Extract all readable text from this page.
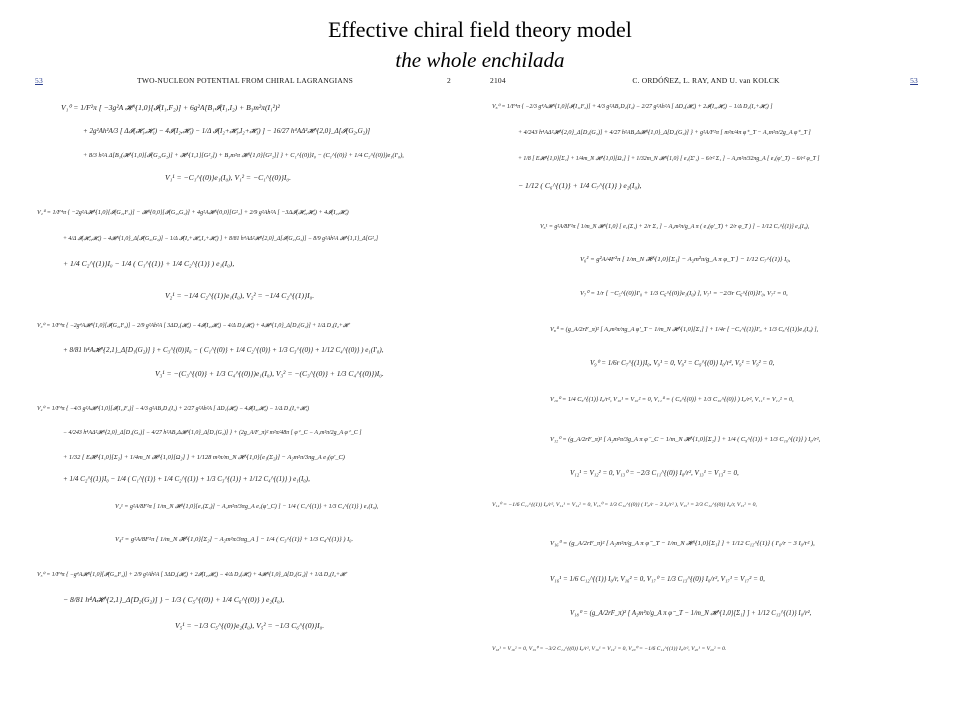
Effective chiral field theory model
the whole enchilada
53	TWO-NUCLEON POTENTIAL FROM CHIRAL LAGRANGIANS	2
V₁⁰ = 1/F²π [ −3g²A 𝓗^{1,0}[𝓘(I₁,F₂)] + 6g²A[B₁𝓘(I₁,I₂) + B₃m²π(I₁²)²
+ 2g²Ah²A/3 [ Δ𝓘(𝓗₁,𝓗₁) − 4𝓘(I₂,𝓗₁) − 1/Δ 𝓘(I₂+𝓗₁,I₂+𝓗₁) ] − 16/27 h⁴AΔ²𝓗^{2,0}_Δ[𝓘(G₂,G₂)]
+ 8/3 h²A Δ[B₁(𝓗^{1,0}[𝓘(G₂,G₂)] + 𝓗^{1,1}[G²₂]) + B₃m²π 𝓗^{1,0}[G²₂]] } + C₁^{(0)}I₀ − (C₁^{(0)} + 1/4 C₂^{(0)})e₁(I′₀),
V₁¹ = −C₁^{(0)}e₁(I₀), V₁² = −C₁^{(0)}I₀.
V₂⁰ = 1/F⁴π { −2g²A𝓗^{1,0}[𝓘(G₂,F₂)] − 𝓗^{0,0}[𝓘(G₂,G₂)] + 4g²A𝓗^{0,0}[G²₂] + 2/9 g²Ah²A [ −3Δ𝓘(𝓗₂,𝓗₂) + 4𝓘(I₂,𝓗₂)
+ 4/Δ 𝓘(𝓗₁,𝓗₁) − 4𝓗^{1,0}_Δ[𝓘(G₂,G₂)] − 1/Δ 𝓘(I₂+𝓗₁,I₂+𝓗₁) ] + 8/81 h⁴AΔ²𝓗^{2,0}_Δ[𝓘(G₂,G₂)] − 8/9 g²Ah²A 𝓗^{1,1}_Δ[G²₂]
+ 1/4 C₂^{(1)}I₀ − 1/4 ( C₁^{(1)} + 1/4 C₂^{(1)} ) e₁(I₀),
V₂¹ = −1/4 C₂^{(1)}e₁(I₀), V₂² = −1/4 C₂^{(1)}I₀.
V₃⁰ = 1/F⁴π { −2g⁴A𝓗^{1,0}[𝓘(G₂,F₂)] − 2/9 g²Ah²A [ 3ΔD₁(𝓗₂) − 4𝓘(I₂,𝓗₁) − 4/Δ D₁(𝓗₁) + 4𝓗^{1,0}_Δ[D₁(G₂)] + 1/Δ D₁(I₂+𝓗
+ 8/81 h⁴A𝓗^{2,1}_Δ[D₁(G₂)] } + C₃^{(0)}I₀ − ( C₁^{(0)} + 1/4 C₂^{(0)} + 1/3 C₃^{(0)} + 1/12 C₄^{(0)} ) e₁(I′₀),
V₃¹ = −(C₃^{(0)} + 1/3 C₄^{(0)})e₁(I₀), V₃² = −(C₃^{(0)} + 1/3 C₄^{(0)})I₀.
V₄⁰ = 1/F⁴π { −4/3 g²A𝓗^{1,0}[𝓘(I₁,F₂)] − 4/3 g²AB₂D₁(I₂) + 2/27 g²Ah²A [ ΔD₁(𝓗₂) − 4𝓘(I₂,𝓗₂) − 1/Δ D₁(I₂+𝓗₁)
− 4/243 h⁴AΔ²𝓗^{2,0}_Δ[D₁(G₂)] − 4/27 h²AB₂Δ𝓗^{1,0}_Δ[D₁(G₂)] } + (2g_A/F_π)² m²π/48π [ φ⁺_C − A₁m²π/2g_A φ⁺_C ]
+ 1/32 [ E𝓗^{1,0}[Σ₂] + 1/4m_N 𝓗^{1,0}[Ω₂] ] + 1/128 m²π/m_N 𝓗^{1,0}[e₁(Σ₂)] − A₂m²π/3πg_A e₁(φ′_C)
+ 1/4 C₂^{(1)}I₀ − 1/4 ( C₁^{(1)} + 1/4 C₂^{(1)} + 1/3 C₃^{(1)} + 1/12 C₄^{(1)} ) e₁(I₀),
V₄¹ = g²A/8F²π [ 1/m_N 𝓗^{1,0}[e₁(Σ₂)] − A₂m²π/3πg_A e₁(φ′_C) ] − 1/4 ( C₃^{(1)} + 1/3 C₄^{(1)} ) e₁(I₀),
V₄² = g²A/8F²π [ 1/m_N 𝓗^{1,0}[Σ₂] − A₂m²π/3πg_A ] − 1/4 ( C₃^{(1)} + 1/3 C₄^{(1)} ) I₀.
V₅⁰ = 1/F⁴π { −g⁴A𝓗^{1,0}[𝓘(G₂,F₂)] + 2/9 g²Ah²A [ 3ΔD₂(𝓗₂) + 2𝓘(I₂,𝓗₂) − 4/Δ D₂(𝓗₁) + 4𝓗^{1,0}_Δ[D₂(G₂)] + 1/Δ D₂(I₂+𝓗
− 8/81 h⁴A𝓗^{2,1}_Δ[D₂(G₂)] } − 1/3 ( C₅^{(0)} + 1/4 C₆^{(0)} ) e₂(I₀),
V₅¹ = −1/3 C₅^{(0)}e₂(I₀), V₅² = −1/3 C₆^{(0)}I₀.
2104	C. ORDÓÑEZ, L. RAY, AND U. van KOLCK	53
V₆⁰ = 1/F⁴π { −2/3 g⁴A𝓗^{1,0}[𝓘(I₁,F₂)] + 4/3 g²AB₂D₂(I₂) − 2/27 g²Ah²A [ ΔD₂(𝓗₂) + 2𝓘(I₂,𝓗₂) − 1/Δ D₂(I₂+𝓗₁) ]
+ 4/243 h⁴AΔ²𝓗^{2,0}_Δ[D₂(G₂)] + 4/27 h²AB₂Δ𝓗^{1,0}_Δ[D₂(G₂)] } + g²A/F²π [ m²π/4π φ⁺_T − A₁m²π/2g_A φ⁺_T ]
+ 1/8 [ E𝓗^{1,0}[Σ₁] + 1/4m_N 𝓗^{1,0}[Ω₁] ] + 1/32m_N 𝓗^{1,0} [ e₁(Σ′₁) − 6/r² Σ₁ ] − A₂m²π/32πg_A [ e₁(φ′_T) − 6/r² φ_T ]
− 1/12 ( C₆^{(1)} + 1/4 C₇^{(1)} ) e₂(I₀),
V₆¹ = g²A/8F²π [ 1/m_N 𝓗^{1,0} [ e₁(Σ₁) + 2/r Σ₁ ] − A₂m²π/g_A π ( e₁(φ′_T) + 2/r φ_T ) ] − 1/12 C₇^{(1)} e₂(I₀),
V₆² = g²A/4F²π [ 1/m_N 𝓗^{1,0}[Σ₁] − A₂m²π/g_A π φ_T ] − 1/12 C₇^{(1)} I₀,
V₇⁰ = 1/r [ −C₅^{(0)}I′₀ + 1/3 C₆^{(0)}e₁(I₀) ], V₇¹ = −2/3r C₆^{(0)}I′₀, V₇² = 0,
V₈⁰ = (g_A/2rF_π)² [ A₂m²π/πg_A φ′_T − 1/m_N 𝓗^{1,0}[Σ₁] ] + 1/4r [ −C₅^{(1)}I′₀ + 1/3 C₆^{(1)}e₁(I₀) ],
V₉⁰ = 1/6r C₇^{(1)}I₀, V₉¹ = 0, V₉² = C₉^{(0)} I₀/r², V₉¹ = V₉² = 0,
V₁₀⁰ = 1/4 C₉^{(1)} I₀/r², V₁₀¹ = V₁₀² = 0, V₁₁⁰ = ( C₉^{(0)} + 1/3 C₁₀^{(0)} ) I₀/r², V₁₁¹ = V₁₁² = 0,
V₁₂⁰ = (g_A/2rF_π)² [ A₂m²π/3g_A π φ⁻_C − 1/m_N 𝓗^{1,0}[Σ₂] ] + 1/4 ( C₉^{(1)} + 1/3 C₁₀^{(1)} ) I₀/r²,
V₁₂¹ = V₁₂² = 0, V₁₃⁰ = −2/3 C₁₁^{(0)} I₀/r², V₁₃¹ = V₁₃² = 0,
V₁₄⁰ = −1/6 C₁₁^{(1)} I₀/r², V₁₄¹ = V₁₄² = 0, V₁₅⁰ = 1/3 C₁₂^{(0)} ( I′₀/r − 3 I₀/r² ), V₁₅¹ = 2/3 C₁₂^{(0)} I₀/r, V₁₅² = 0,
V₁₆⁰ = (g_A/2rF_π)² [ A₂m²π/g_A π φ⁻_T − 1/m_N 𝓗^{1,0}[Σ₁] ] + 1/12 C₁₂^{(1)} ( I′₀/r − 3 I₀/r² ),
V₁₆¹ = 1/6 C₁₂^{(1)} I₀/r, V₁₆² = 0, V₁₇⁰ = 1/3 C₁₃^{(0)} I₀/r², V₁₇¹ = V₁₇² = 0,
V₁₈⁰ = (g_A/2rF_π)² [ A₂m²π/g_A π φ⁻_T − 1/m_N 𝓗^{1,0}[Σ₁] ] + 1/12 C₁₃^{(1)} I₀/r²,
V₁₈¹ = V₁₈² = 0, V₁₉⁰ = −3/2 C₁₄^{(0)} I₀/r², V₁₉¹ = V₁₉² = 0, V₂₀⁰ = −1/6 C₁₄^{(1)} I₀/r², V₂₀¹ = V₂₀² = 0.
